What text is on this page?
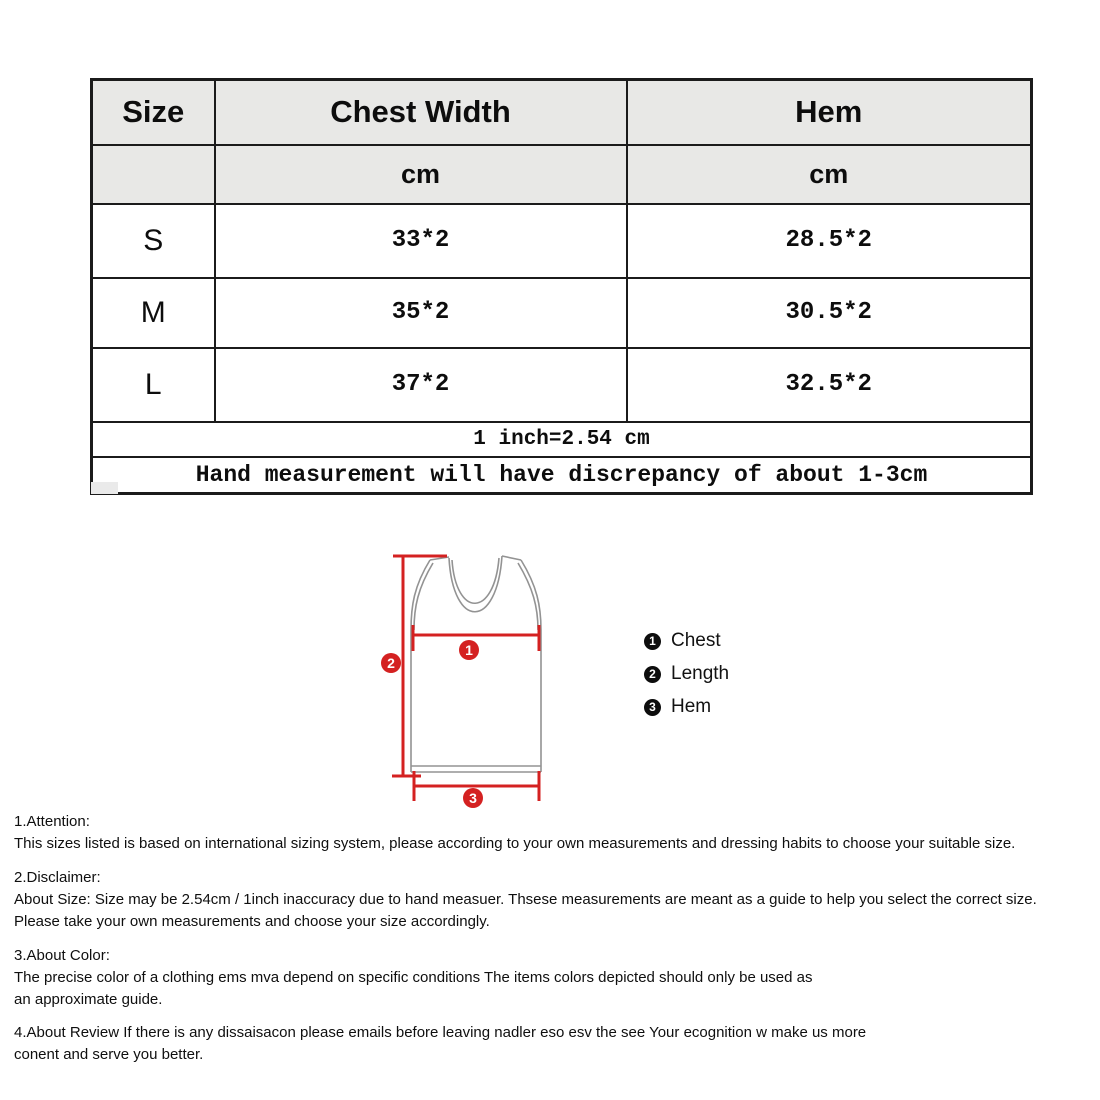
Size	Chest Width	Hem
	cm	cm
S	33*2	28.5*2
M	35*2	30.5*2
L	37*2	32.5*2
1 inch=2.54 cm		
Hand measurement will have discrepancy of about 1-3cm		
1
2
3
1 Chest
2 Length
3 Hem

1.Attention:

This sizes listed is based on international sizing system, please according to your own measurements and dressing habits to choose your suitable size.

2.Disclaimer:

About Size: Size may be 2.54cm / 1inch inaccuracy due to hand measuer. Thsese measurements are meant as a guide to help you select the correct size.

Please take your own measurements and choose your size accordingly.

3.About Color:

The precise color of a clothing ems mva depend on specific conditions The items colors depicted should only be used as

an approximate guide.

4.About Review If there is any dissaisacon please emails before leaving nadler eso esv the see Your ecognition w make us more

conent and serve you better.
